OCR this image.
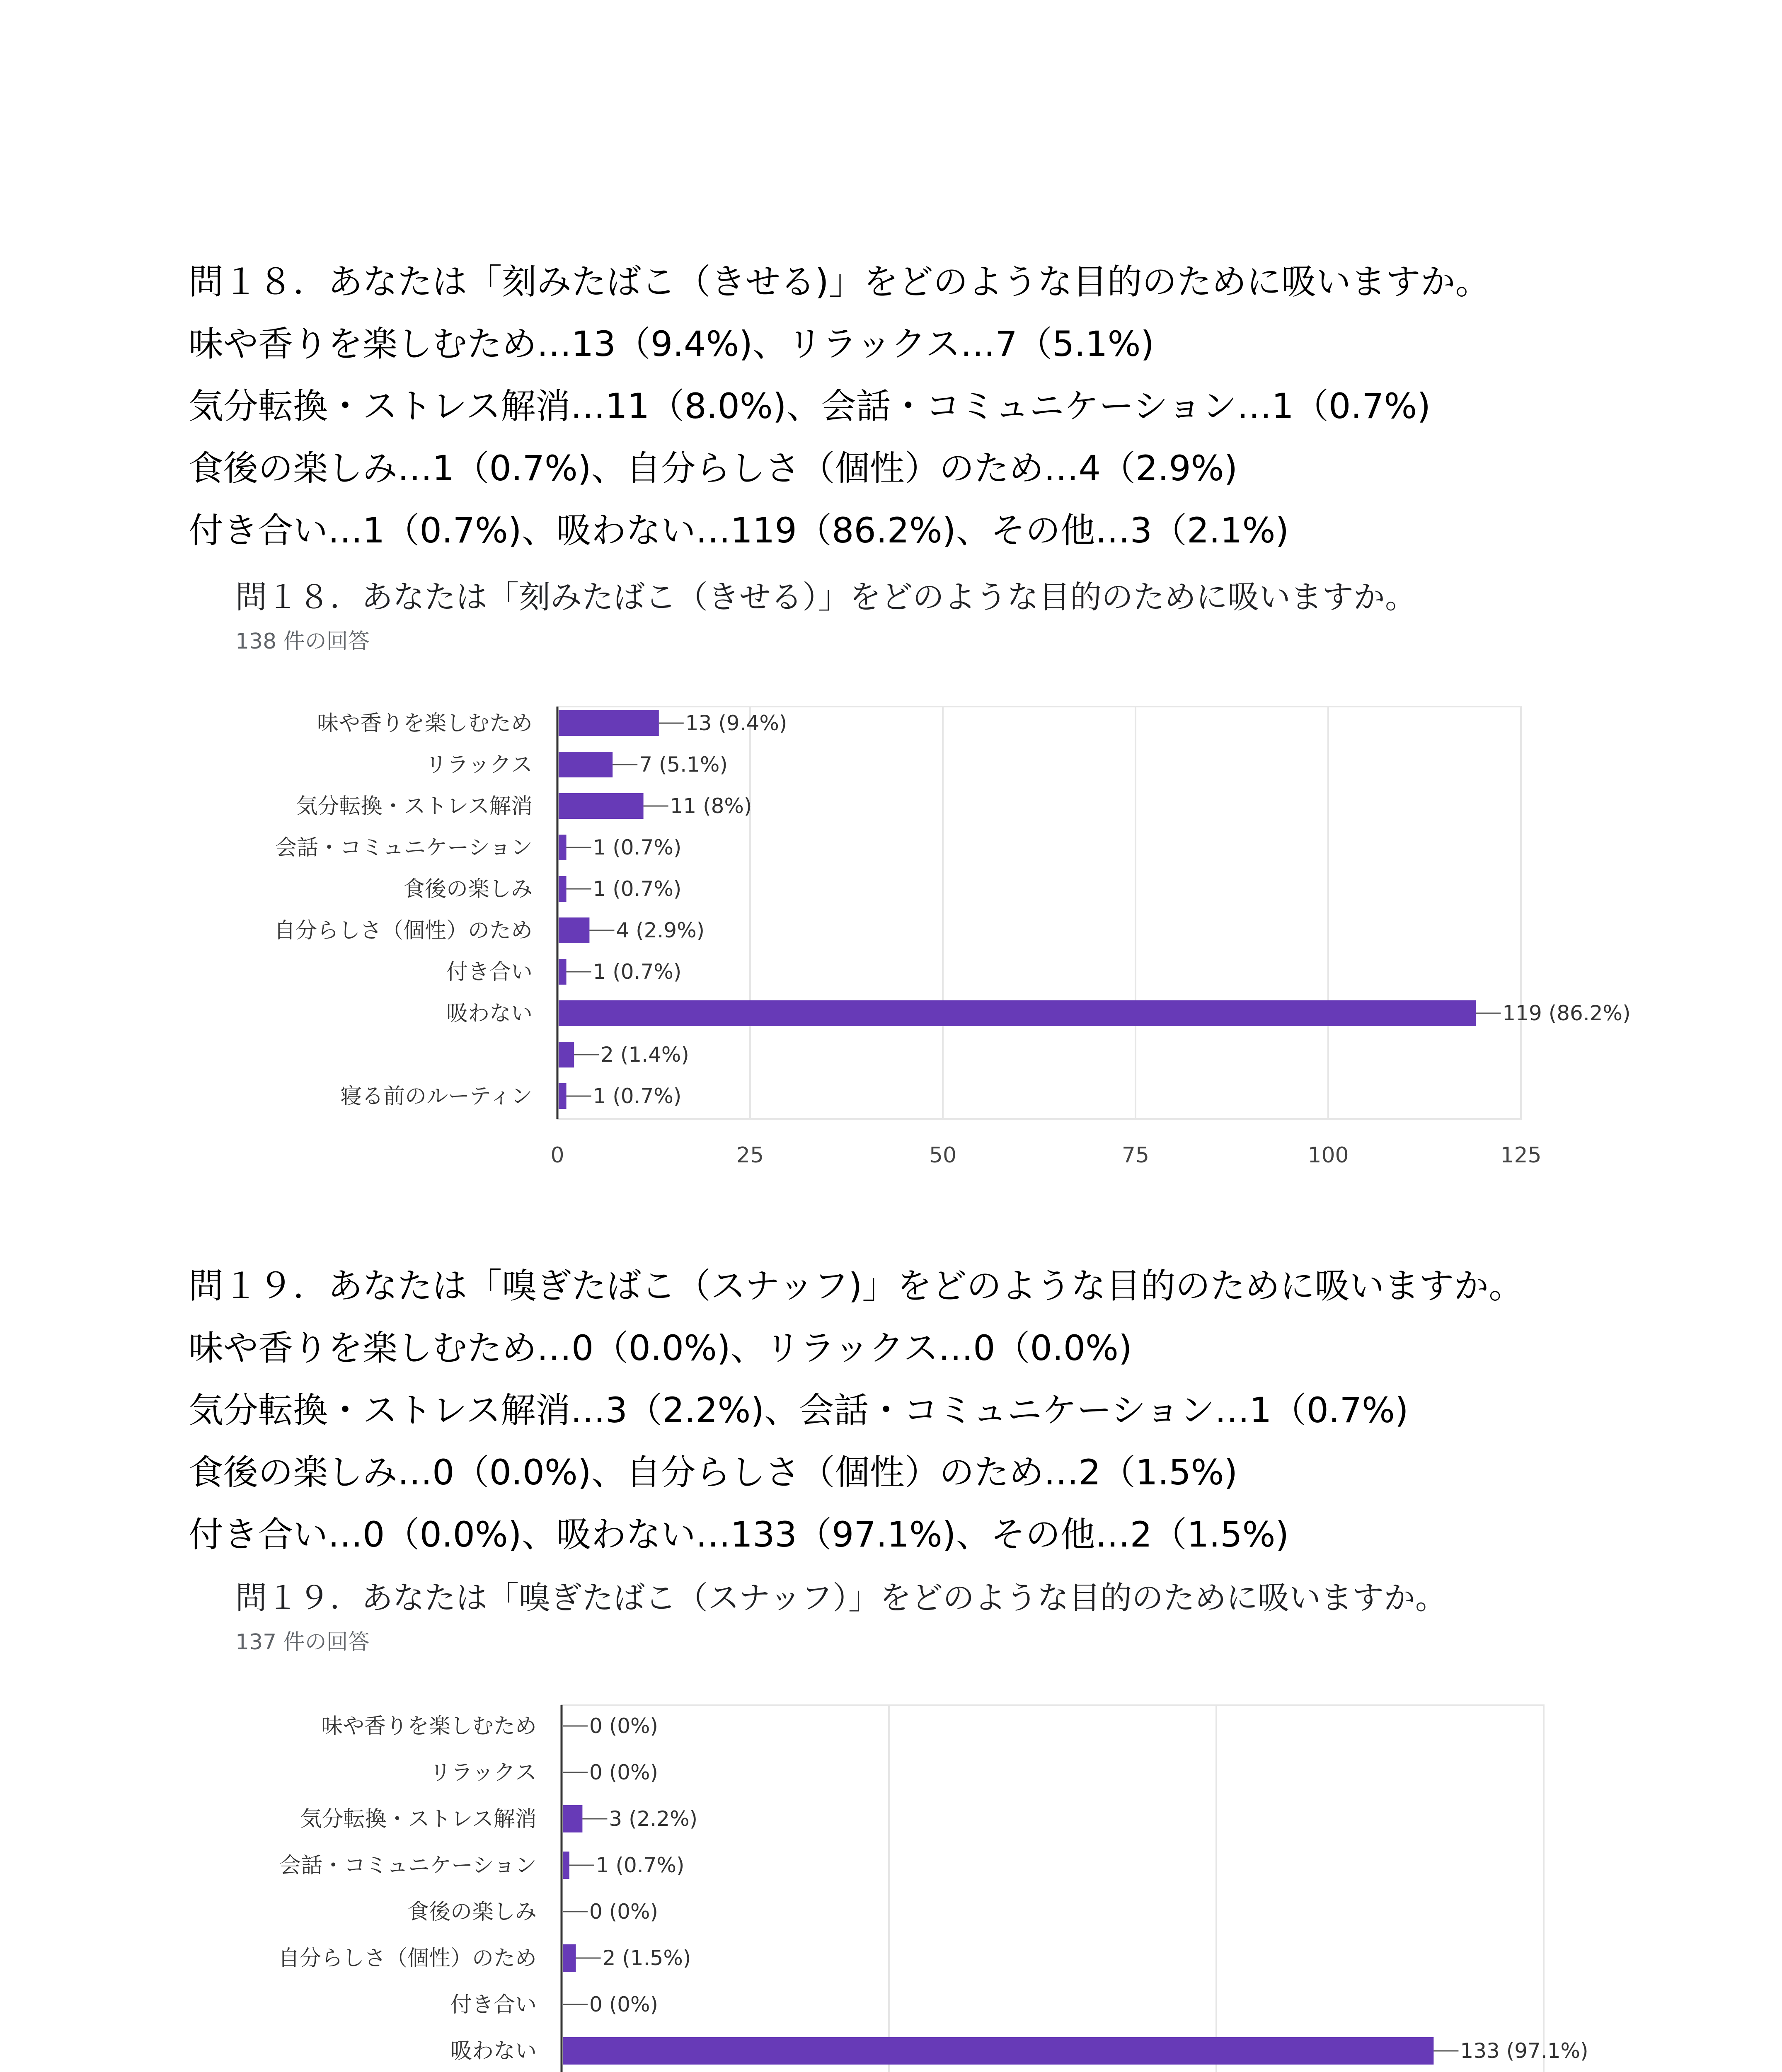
問１８．あなたは「刻みたばこ（きせる)」をどのような目的のために吸いますか。
味や香りを楽しむため…13（9.4%)、リラックス…7（5.1%)
気分転換・ストレス解消…11（8.0%)、会話・コミュニケーション…1（0.7%)
食後の楽しみ…1（0.7%)、自分らしさ（個性）のため…4（2.9%)
付き合い…1（0.7%)、吸わない…119（86.2%)、その他…3（2.1%)
問１８．あなたは「刻みたばこ（きせる）」をどのような目的のために吸いますか。
138 件の回答
0	25	50	75	100	125
味や香りを楽しむため	13 (9.4%)
リラックス	7 (5.1%)
気分転換・ストレス解消	11 (8%)
会話・コミュニケーション	1 (0.7%)
食後の楽しみ	1 (0.7%)
自分らしさ（個性）のため	4 (2.9%)
付き合い	1 (0.7%)
吸わない	119 (86.2%)
2 (1.4%)
寝る前のルーティン	1 (0.7%)
問１９．あなたは「嗅ぎたばこ（スナッフ)」をどのような目的のために吸いますか。
味や香りを楽しむため…0（0.0%)、リラックス…0（0.0%)
気分転換・ストレス解消…3（2.2%)、会話・コミュニケーション…1（0.7%)
食後の楽しみ…0（0.0%)、自分らしさ（個性）のため…2（1.5%)
付き合い…0（0.0%)、吸わない…133（97.1%)、その他…2（1.5%)
問１９．あなたは「嗅ぎたばこ（スナッフ）」をどのような目的のために吸いますか。
137 件の回答
味や香りを楽しむため	0 (0%)
リラックス	0 (0%)
気分転換・ストレス解消	3 (2.2%)
会話・コミュニケーション	1 (0.7%)
食後の楽しみ	0 (0%)
自分らしさ（個性）のため	2 (1.5%)
付き合い	0 (0%)
吸わない	133 (97.1%)
